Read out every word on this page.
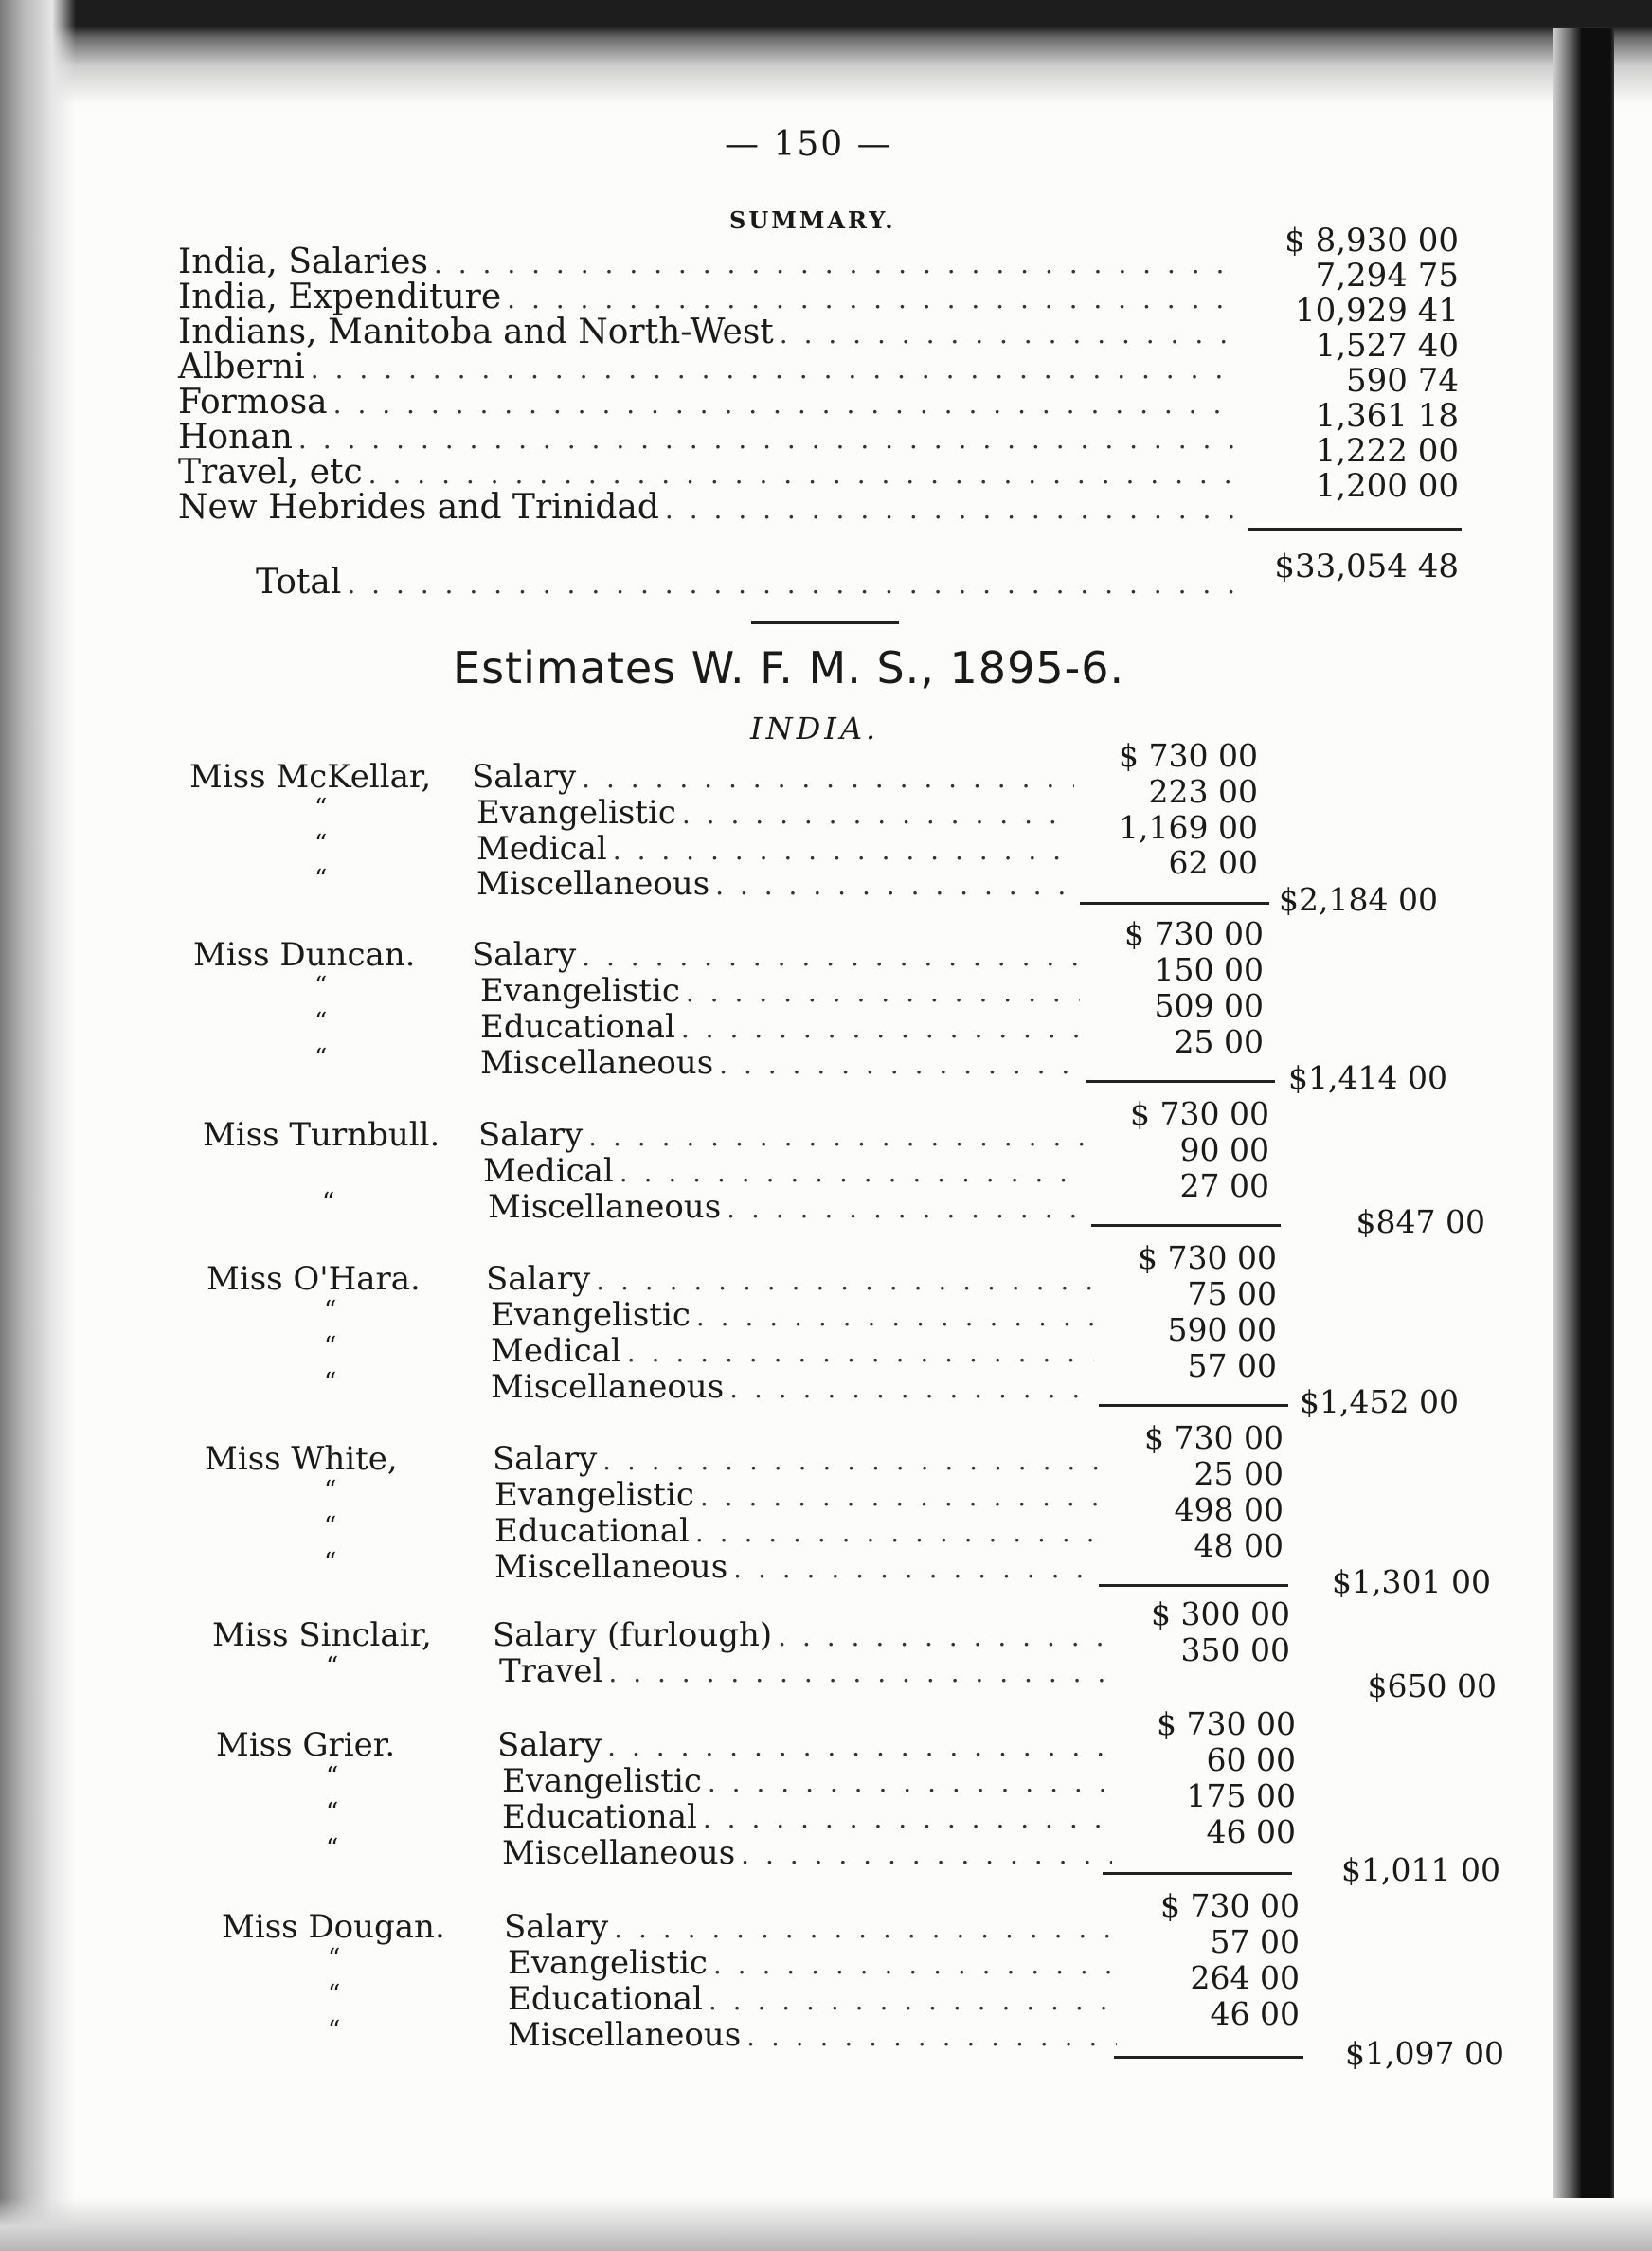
— 150 —
SUMMARY.
India, Salaries
. . .
India, Expenditure
. . .
Indians, Manitoba and North-West
. . .
Alberni
. . .
Formosa
. . .
Honan
. . .
Travel, etc
. . .
New Hebrides and Trinidad
. . .
$ 8,930 00
7,294 75
10,929 41
1,527 40
590 74
1,361 18
1,222 00
1,200 00
Total
. . .	$33,054 48
Estimates W. F. M. S., 1895-6.
INDIA.
Miss McKellar, Salary
. . .
“	Evangelistic
. . .
“	Medical
. . .
“	Miscellaneous
. . .
$ 730 00
223 00
1,169 00
62 00
$2,184 00
Miss Duncan. Salary
. . .
“	Evangelistic
. . .
“	Educational
. . .
“	Miscellaneous
. . .
$ 730 00
150 00
509 00
25 00
$1,414 00
Miss Turnbull. Salary
. . .
Medical
. . .
“	Miscellaneous
. . .
$ 730 00
90 00
27 00
$847 00
Miss O'Hara. Salary
. . .
“	Evangelistic
. . .
“	Medical
. . .
“	Miscellaneous
. . .
$ 730 00
75 00
590 00
57 00
$1,452 00
Miss White,	Salary
. . .
“	Evangelistic
. . .
“	Educational
. . .
“	Miscellaneous
. . .
$ 730 00
25 00
498 00
48 00
$1,301 00
Miss Sinclair, Salary (furlough)
. . .
“	Travel
. . .
$ 300 00
350 00
$650 00
Miss Grier.	Salary
. . .
“	Evangelistic
. . .
“	Educational
. . .
“	Miscellaneous
. . .
$ 730 00
60 00
175 00
46 00
$1,011 00
Miss Dougan. Salary
. . .
“	Evangelistic
. . .
“	Educational
. . .
“	Miscellaneous
. . .
$ 730 00
57 00
264 00
46 00
$1,097 00
